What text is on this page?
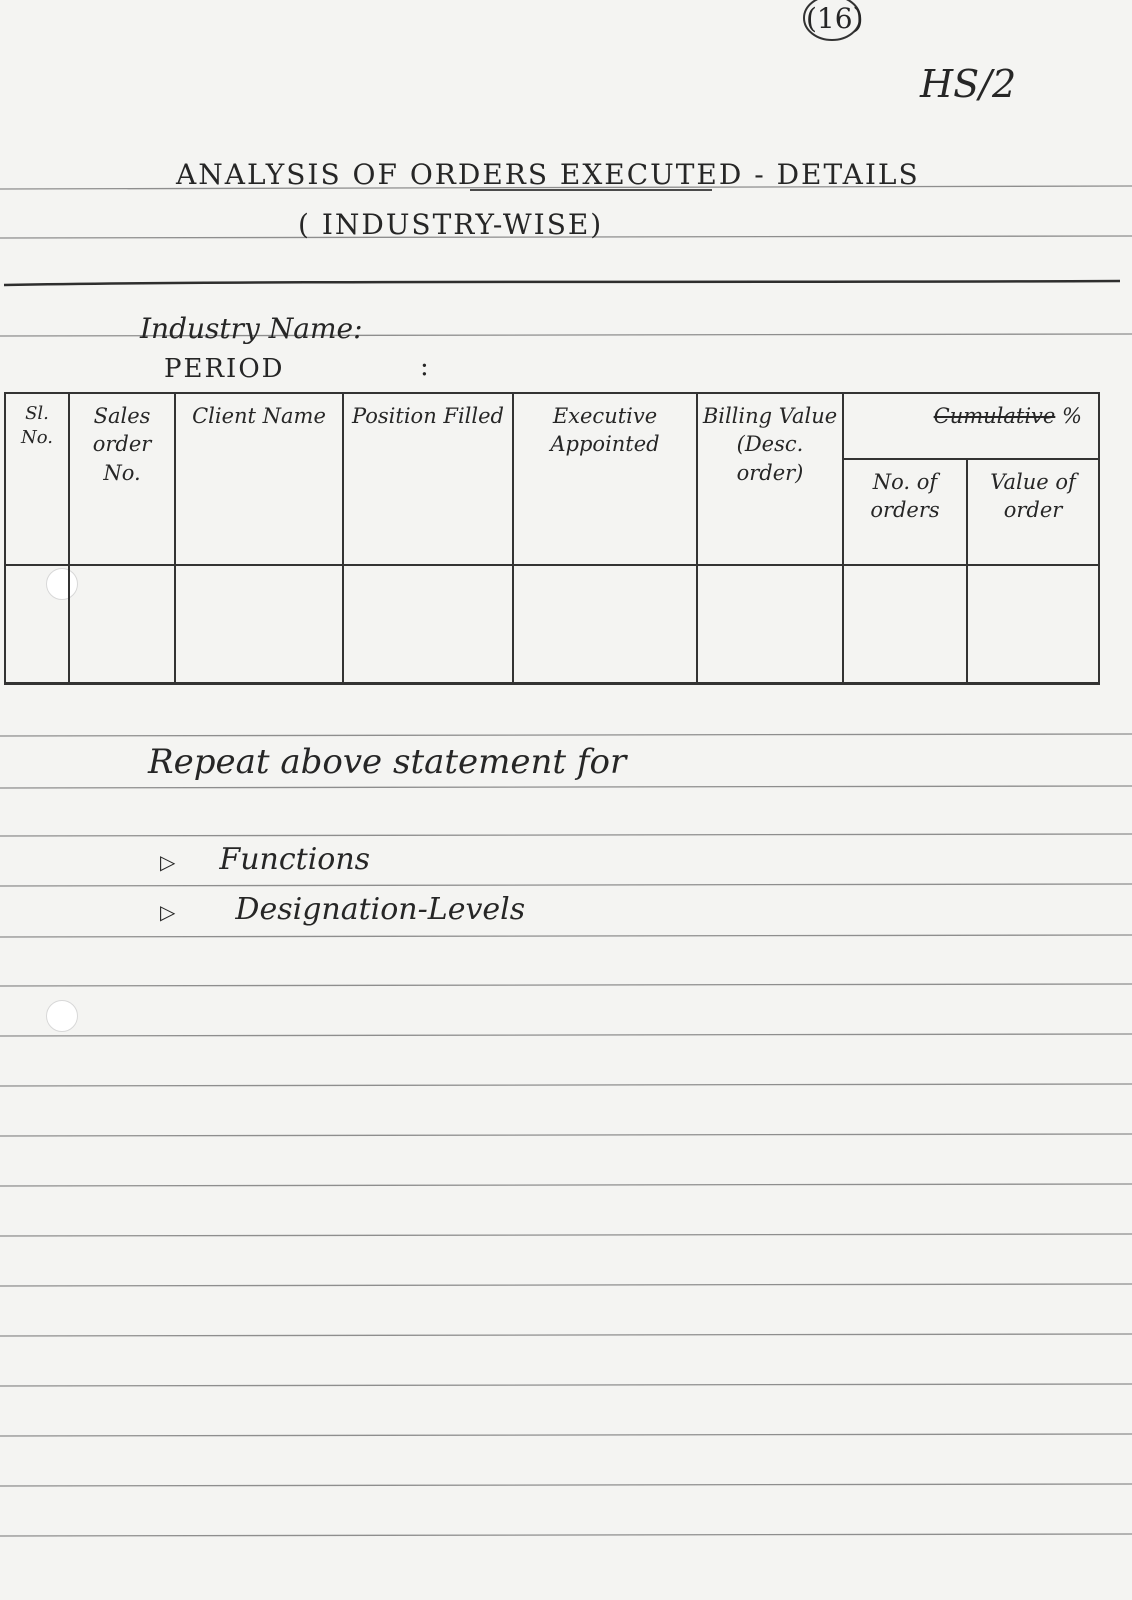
(16)
HS/2
ANALYSIS OF ORDERS EXECUTED - DETAILS
( INDUSTRY-WISE)
Industry Name:
PERIOD	:
Sl. No.	Sales order No.	Client Name	Position Filled	Executive Appointed	Billing Value (Desc. order)	Cumulative %	
						No. of orders	Value of order

Repeat above statement for
▷ Functions
▷ Designation-Levels
